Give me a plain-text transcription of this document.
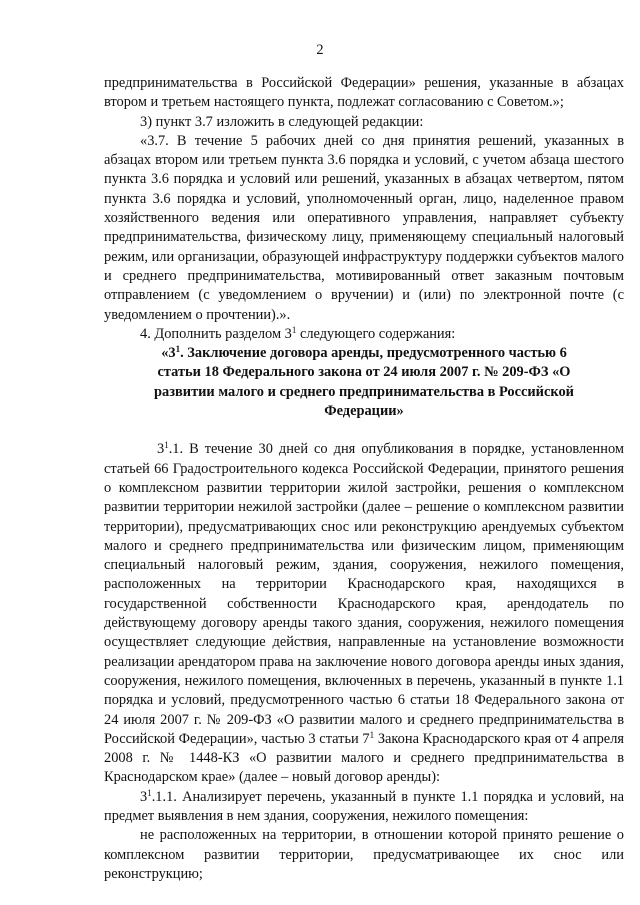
2

предпринимательства в Российской Федерации» решения, указанные в абзацах

втором и третьем настоящего пункта, подлежат согласованию с Советом.»;

3) пункт 3.7 изложить в следующей редакции:

«3.7. В течение 5 рабочих дней со дня принятия решений, указанных в абзацах втором или третьем пункта 3.6 порядка и условий, с учетом абзаца шестого пункта 3.6 порядка и условий или решений, указанных в абзацах четвертом, пятом пункта 3.6 порядка и условий, уполномоченный орган, лицо, наделенное правом хозяйственного ведения или оперативного управления, направляет субъекту предпринимательства, физическому лицу, применяющему специальный налоговый режим, или организации, образующей инфраструктуру поддержки субъектов малого и среднего предпринимательства, мотивированный ответ заказным почтовым отправлением (с уведомлением о вручении) и (или) по электронной почте (с уведомлением о прочтении).».

4. Дополнить разделом $3^1$ следующего содержания:

«$3^1$. Заключение договора аренды, предусмотренного частью 6 статьи 18 Федерального закона от 24 июля 2007 г. № 209-ФЗ «О развитии малого и среднего предпринимательства в Российской Федерации»

$3^1.1$. В течение 30 дней со дня опубликования в порядке, установленном статьей 66 Градостроительного кодекса Российской Федерации, принятого решения о комплексном развитии территории жилой застройки, решения о комплексном развитии территории нежилой застройки (далее – решение о комплексном развитии территории), предусматривающих снос или реконструкцию арендуемых субъектом малого и среднего предпринимательства или физическим лицом, применяющим специальный налоговый режим, здания, сооружения, нежилого помещения, расположенных на территории Краснодарского края, находящихся в государственной собственности Краснодарского края, арендодатель по действующему договору аренды такого здания, сооружения, нежилого помещения осуществляет следующие действия, направленные на установление возможности реализации арендатором права на заключение нового договора аренды иных здания, сооружения, нежилого помещения, включенных в перечень, указанный в пункте 1.1 порядка и условий, предусмотренного частью 6 статьи 18 Федерального закона от 24 июля 2007 г. № 209-ФЗ «О развитии малого и среднего предпринимательства в Российской Федерации», частью 3 статьи $7^1$ Закона Краснодарского края от 4 апреля 2008 г. № 1448-КЗ «О развитии малого и среднего предпринимательства в Краснодарском крае» (далее – новый договор аренды):

$3^1.1.1$. Анализирует перечень, указанный в пункте 1.1 порядка и условий, на предмет выявления в нем здания, сооружения, нежилого помещения:

не расположенных на территории, в отношении которой принято решение о комплексном развитии территории, предусматривающее их снос или реконструкцию;
